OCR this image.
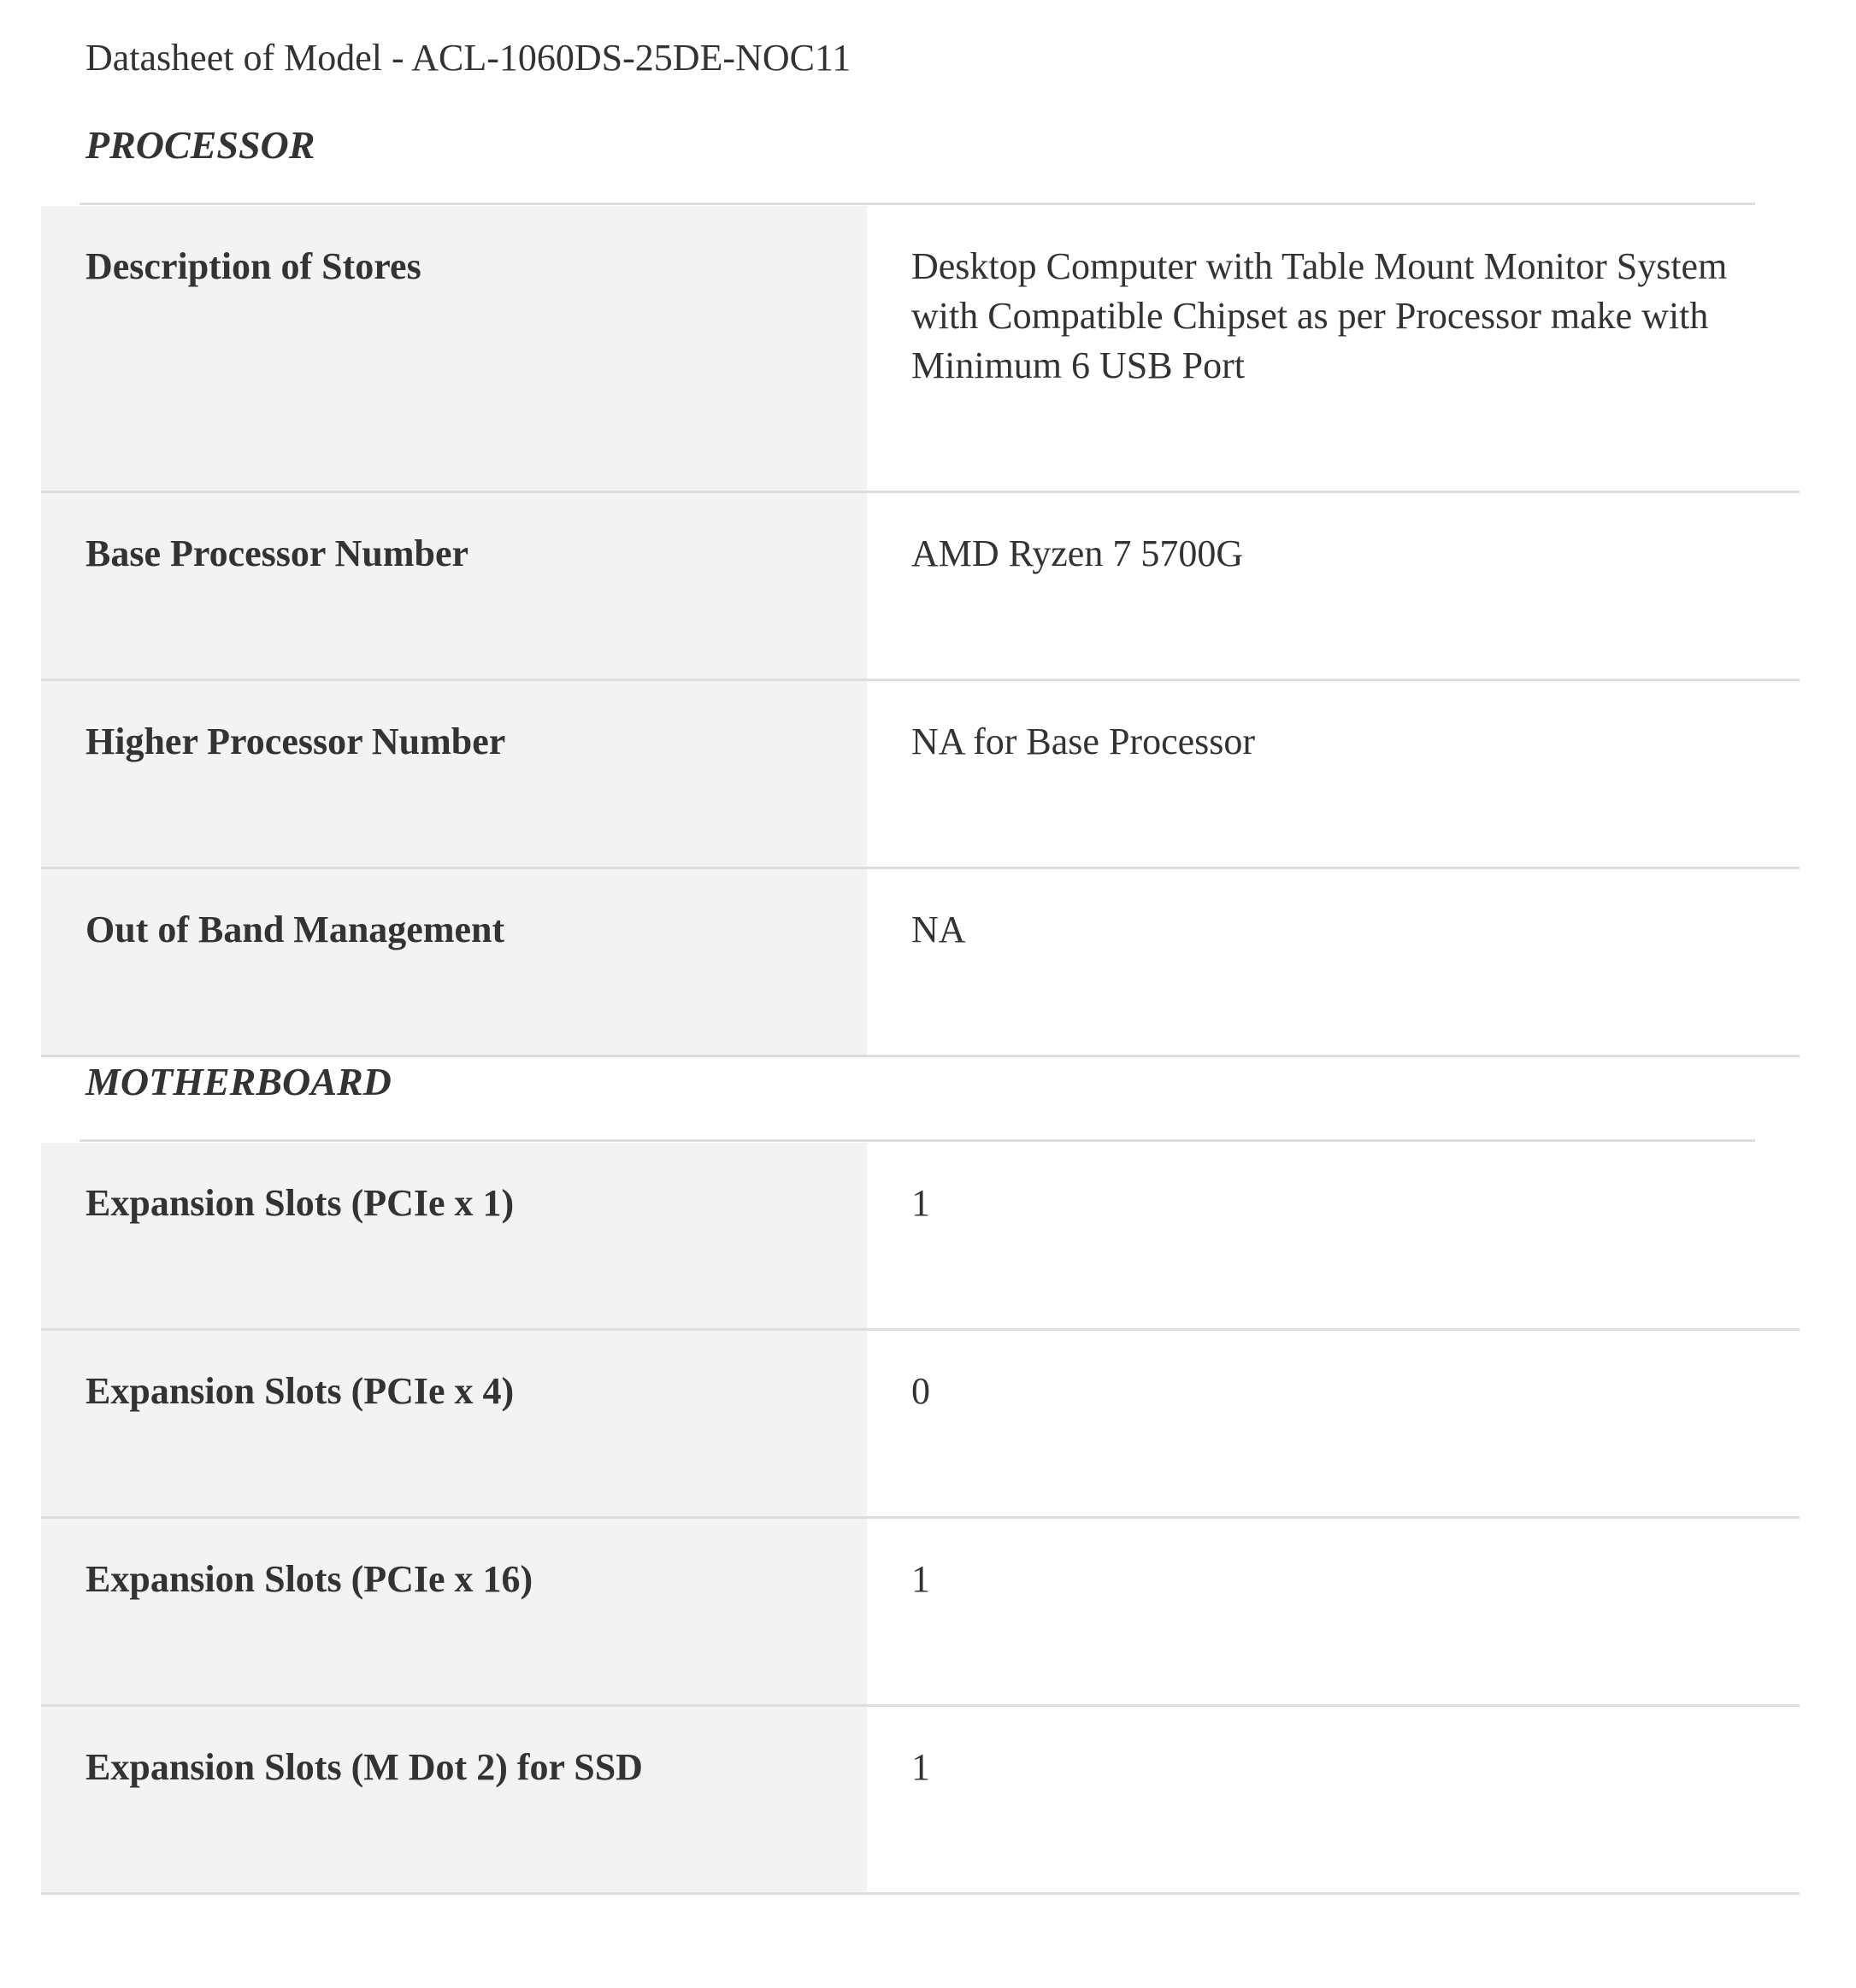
Datasheet of Model - ACL-1060DS-25DE-NOC11
PROCESSOR
Description of Stores	Desktop Computer with Table Mount Monitor System with Compatible Chipset as per Processor make with Minimum 6 USB Port
Base Processor Number	AMD Ryzen 7 5700G
Higher Processor Number	NA for Base Processor
Out of Band Management	NA
MOTHERBOARD
Expansion Slots (PCIe x 1)	1
Expansion Slots (PCIe x 4)	0
Expansion Slots (PCIe x 16)	1
Expansion Slots (M Dot 2) for SSD	1
